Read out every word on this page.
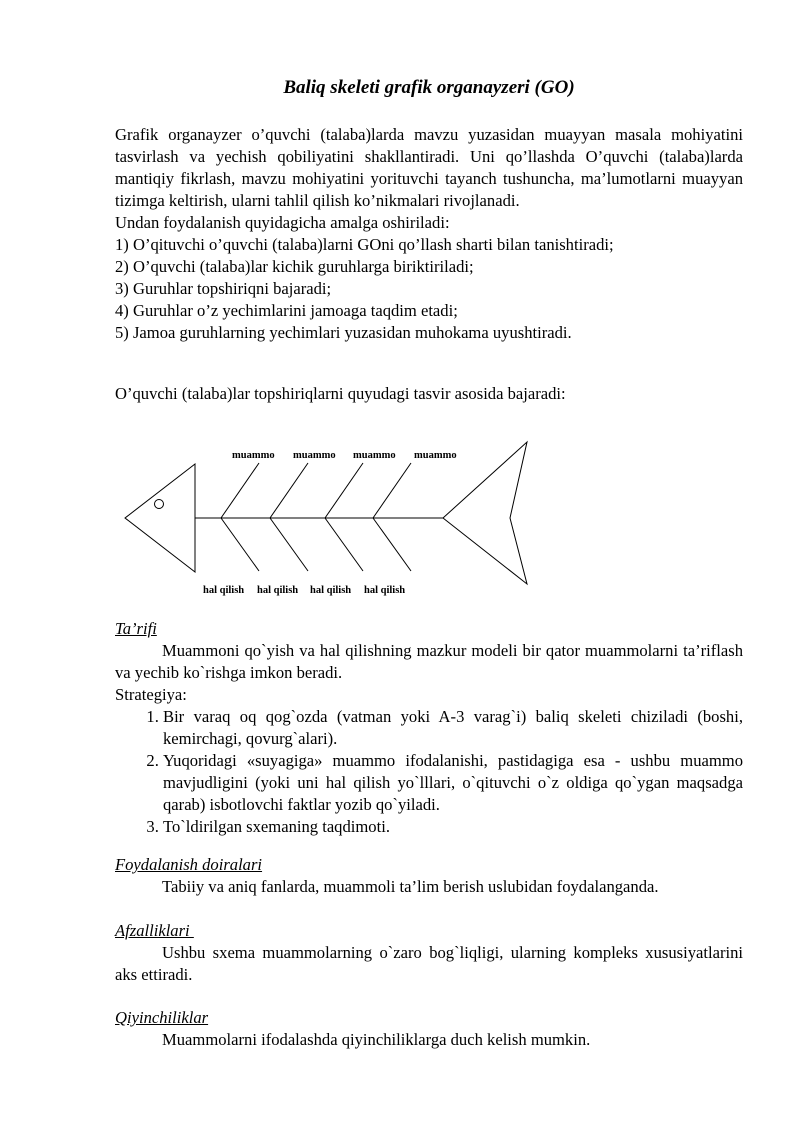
Baliq skeleti grafik organayzeri (GO)

Grafik organayzer o’quvchi (talaba)larda mavzu yuzasidan muayyan masala mohiyatini tasvirlash va yechish qobiliyatini shakllantiradi. Uni qo’llashda O’quvchi (talaba)larda mantiqiy fikrlash, mavzu mohiyatini yorituvchi tayanch tushuncha, ma’lumotlarni muayyan tizimga keltirish, ularni tahlil qilish ko’nikmalari rivojlanadi.

Undan foydalanish quyidagicha amalga oshiriladi:

1) O’qituvchi o’quvchi (talaba)larni GOni qo’llash sharti bilan tanishtiradi;

2) O’quvchi (talaba)lar kichik guruhlarga biriktiriladi;

3) Guruhlar topshiriqni bajaradi;

4) Guruhlar o’z yechimlarini jamoaga taqdim etadi;

5) Jamoa guruhlarning yechimlari yuzasidan muhokama uyushtiradi.

O’quvchi (talaba)lar topshiriqlarni quyudagi tasvir asosida bajaradi:
muammo muammo muammo muammo
hal qilish hal qilish hal qilish hal qilish

Ta’rifi

Muammoni qo`yish va hal qilishning mazkur modeli bir qator muammolarni ta’riflash va yechib ko`rishga imkon beradi.

Strategiya:

1. Bir varaq oq qog`ozda (vatman yoki A-3 varag`i) baliq skeleti chiziladi (boshi, kemirchagi, qovurg`alari).
2. Yuqoridagi «suyagiga» muammo ifodalanishi, pastidagiga esa - ushbu muammo mavjudligini (yoki uni hal qilish yo`lllari, o`qituvchi o`z oldiga qo`ygan maqsadga qarab) isbotlovchi faktlar yozib qo`yiladi.
3. To`ldirilgan sxemaning taqdimoti.

Foydalanish doiralari

Tabiiy va aniq fanlarda, muammoli ta’lim berish uslubidan foydalanganda.

Afzalliklari

Ushbu sxema muammolarning o`zaro bog`liqligi, ularning kompleks xususiyatlarini aks ettiradi.

Qiyinchiliklar

Muammolarni ifodalashda qiyinchiliklarga duch kelish mumkin.
